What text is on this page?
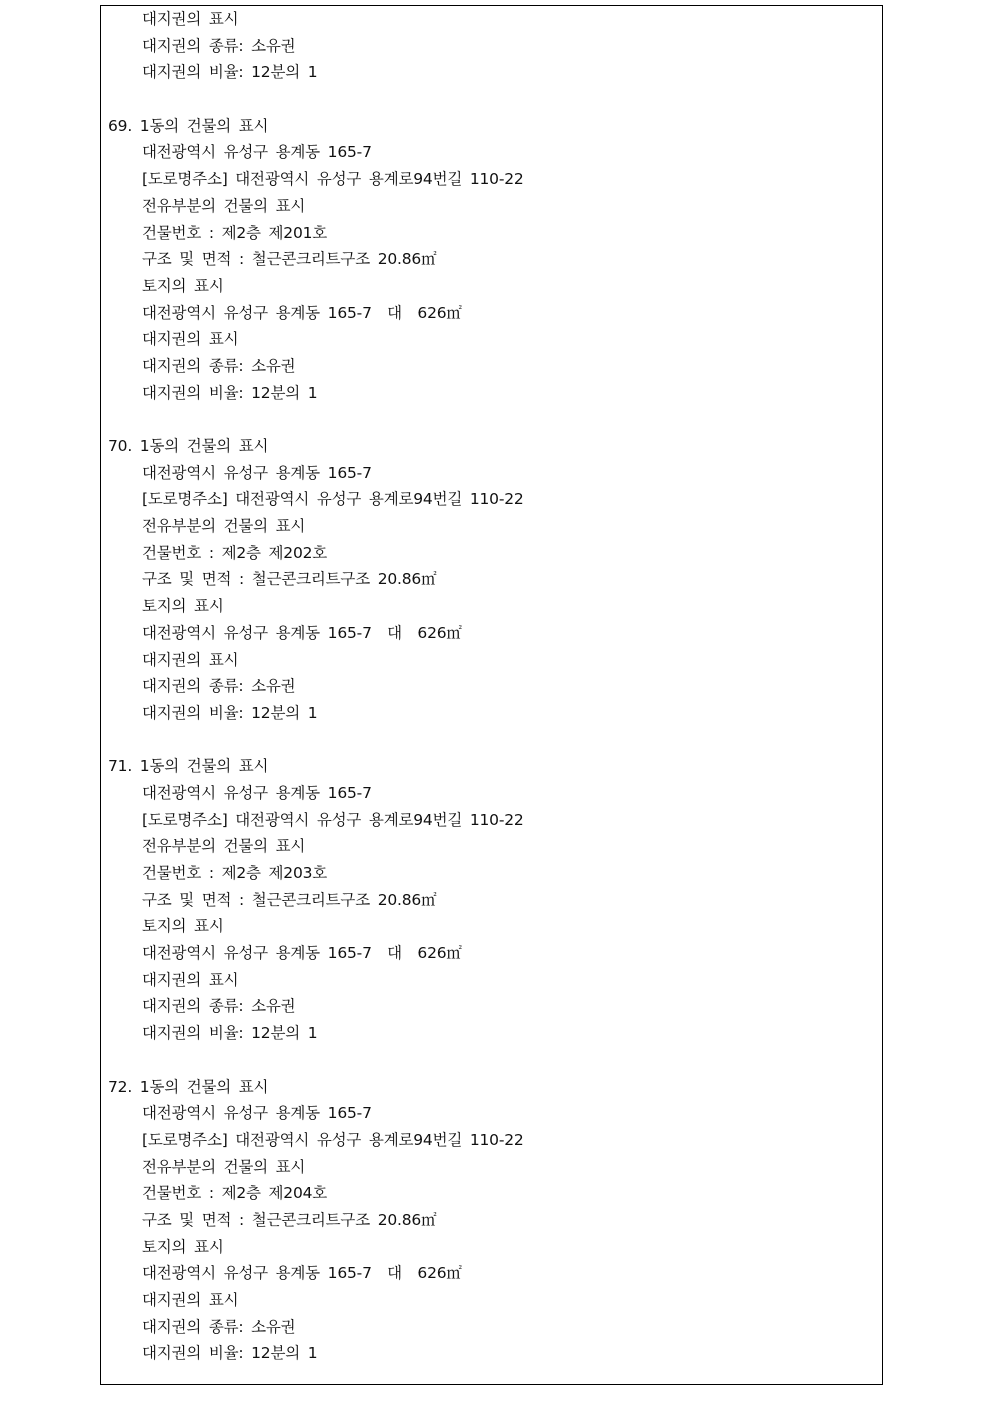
대지권의 표시
대지권의 종류: 소유권
대지권의 비율: 12분의 1
69. 1동의 건물의 표시
대전광역시 유성구 용계동 165-7
[도로명주소] 대전광역시 유성구 용계로94번길 110-22
전유부분의 건물의 표시
건물번호 : 제2층 제201호
구조 및 면적 : 철근콘크리트구조 20.86㎡
토지의 표시
대전광역시 유성구 용계동 165-7  대  626㎡
대지권의 표시
대지권의 종류: 소유권
대지권의 비율: 12분의 1
70. 1동의 건물의 표시
대전광역시 유성구 용계동 165-7
[도로명주소] 대전광역시 유성구 용계로94번길 110-22
전유부분의 건물의 표시
건물번호 : 제2층 제202호
구조 및 면적 : 철근콘크리트구조 20.86㎡
토지의 표시
대전광역시 유성구 용계동 165-7  대  626㎡
대지권의 표시
대지권의 종류: 소유권
대지권의 비율: 12분의 1
71. 1동의 건물의 표시
대전광역시 유성구 용계동 165-7
[도로명주소] 대전광역시 유성구 용계로94번길 110-22
전유부분의 건물의 표시
건물번호 : 제2층 제203호
구조 및 면적 : 철근콘크리트구조 20.86㎡
토지의 표시
대전광역시 유성구 용계동 165-7  대  626㎡
대지권의 표시
대지권의 종류: 소유권
대지권의 비율: 12분의 1
72. 1동의 건물의 표시
대전광역시 유성구 용계동 165-7
[도로명주소] 대전광역시 유성구 용계로94번길 110-22
전유부분의 건물의 표시
건물번호 : 제2층 제204호
구조 및 면적 : 철근콘크리트구조 20.86㎡
토지의 표시
대전광역시 유성구 용계동 165-7  대  626㎡
대지권의 표시
대지권의 종류: 소유권
대지권의 비율: 12분의 1
